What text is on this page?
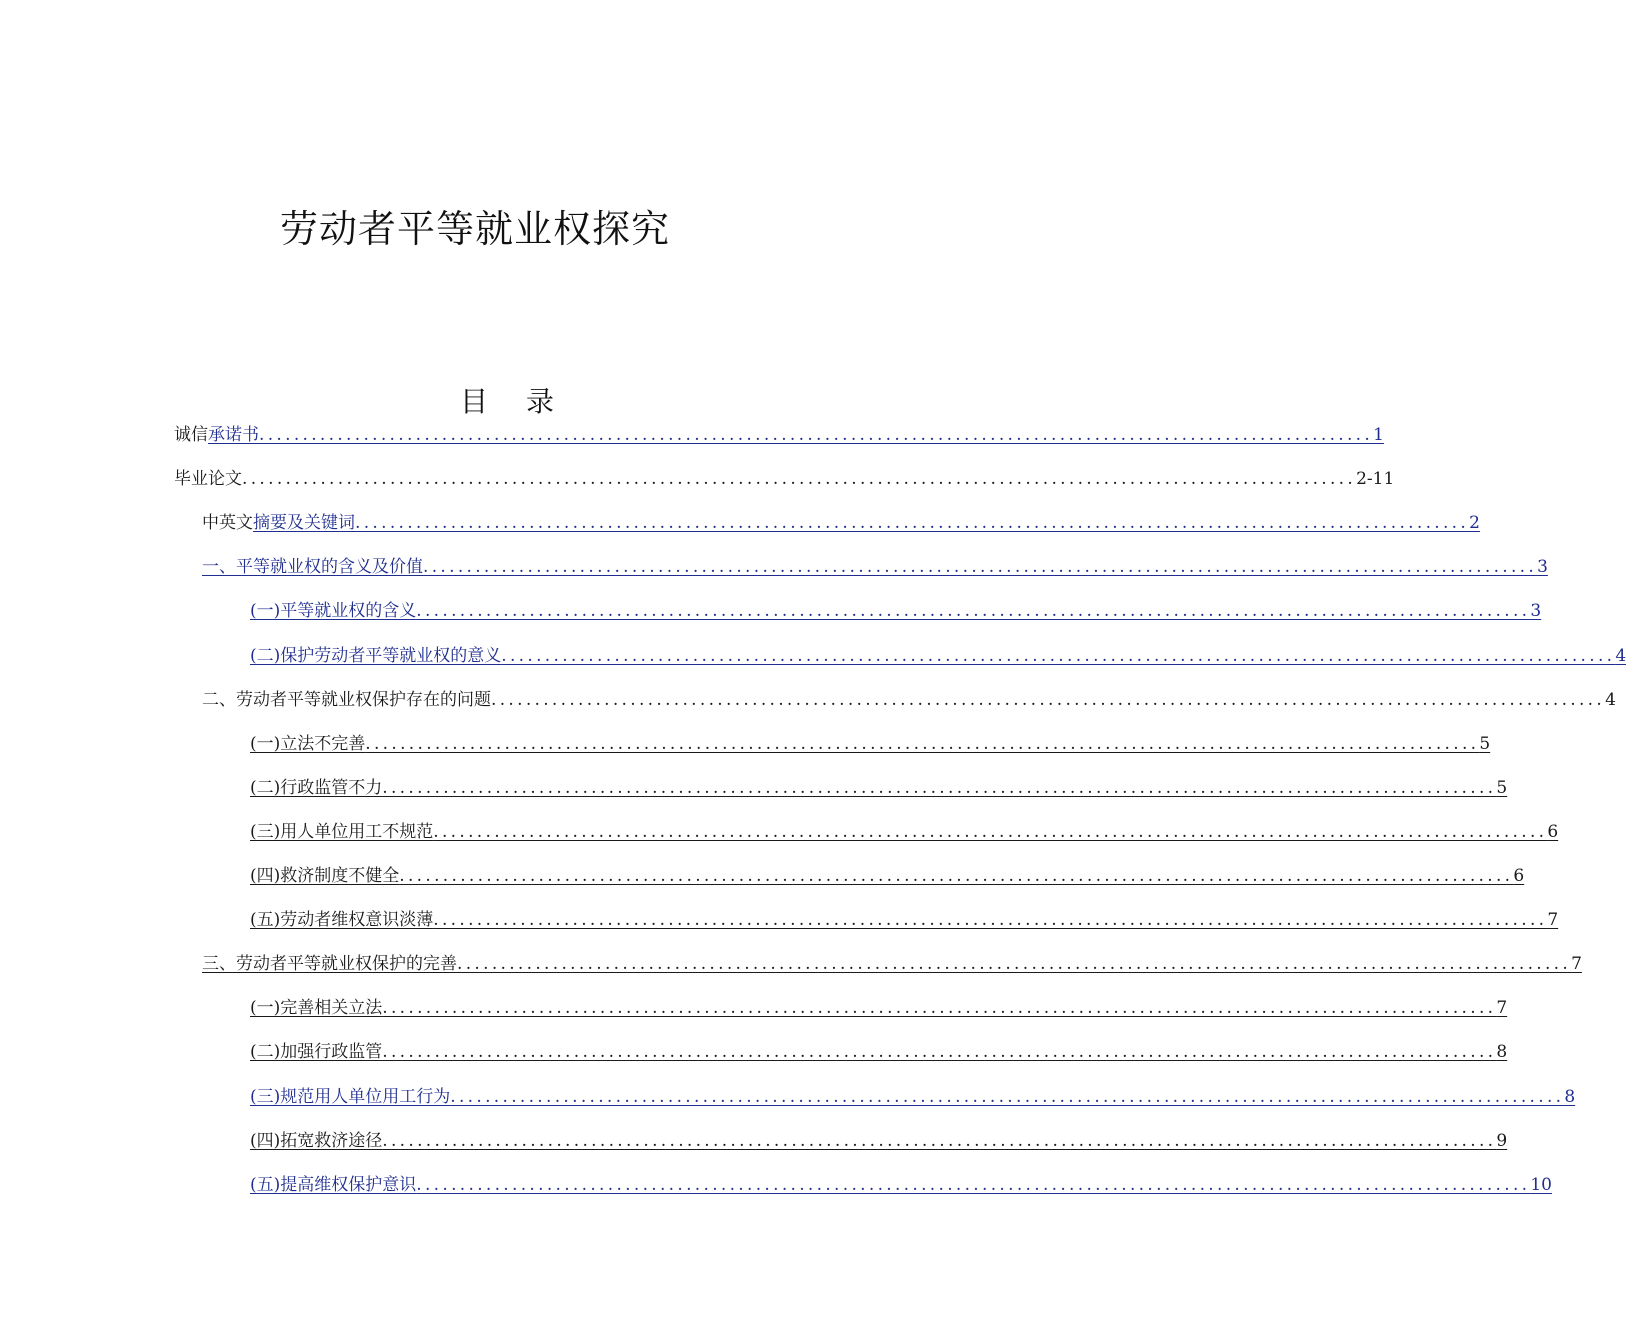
劳动者平等就业权探究
目 录
诚信 承诺书 ................................................................................................................................ 1
毕业论文 ................................................................................................................................ 2-11
中英文 摘要及关键词 ................................................................................................................................ 2
一、平等就业权的含义及价值 ................................................................................................................................ 3
(一)平等就业权的含义 ................................................................................................................................ 3
(二)保护劳动者平等就业权的意义 ................................................................................................................................ 4
二、劳动者平等就业权保护存在的问题 ................................................................................................................................ 4
(一)立法不完善 ................................................................................................................................ 5
(二)行政监管不力 ................................................................................................................................ 5
(三)用人单位用工不规范 ................................................................................................................................ 6
(四)救济制度不健全 ................................................................................................................................ 6
(五)劳动者维权意识淡薄 ................................................................................................................................ 7
三、劳动者平等就业权保护的完善 ................................................................................................................................ 7
(一)完善相关立法 ................................................................................................................................ 7
(二)加强行政监管 ................................................................................................................................ 8
(三)规范用人单位用工行为 ................................................................................................................................ 8
(四)拓宽救济途径 ................................................................................................................................ 9
(五)提高维权保护意识 ................................................................................................................................ 10
